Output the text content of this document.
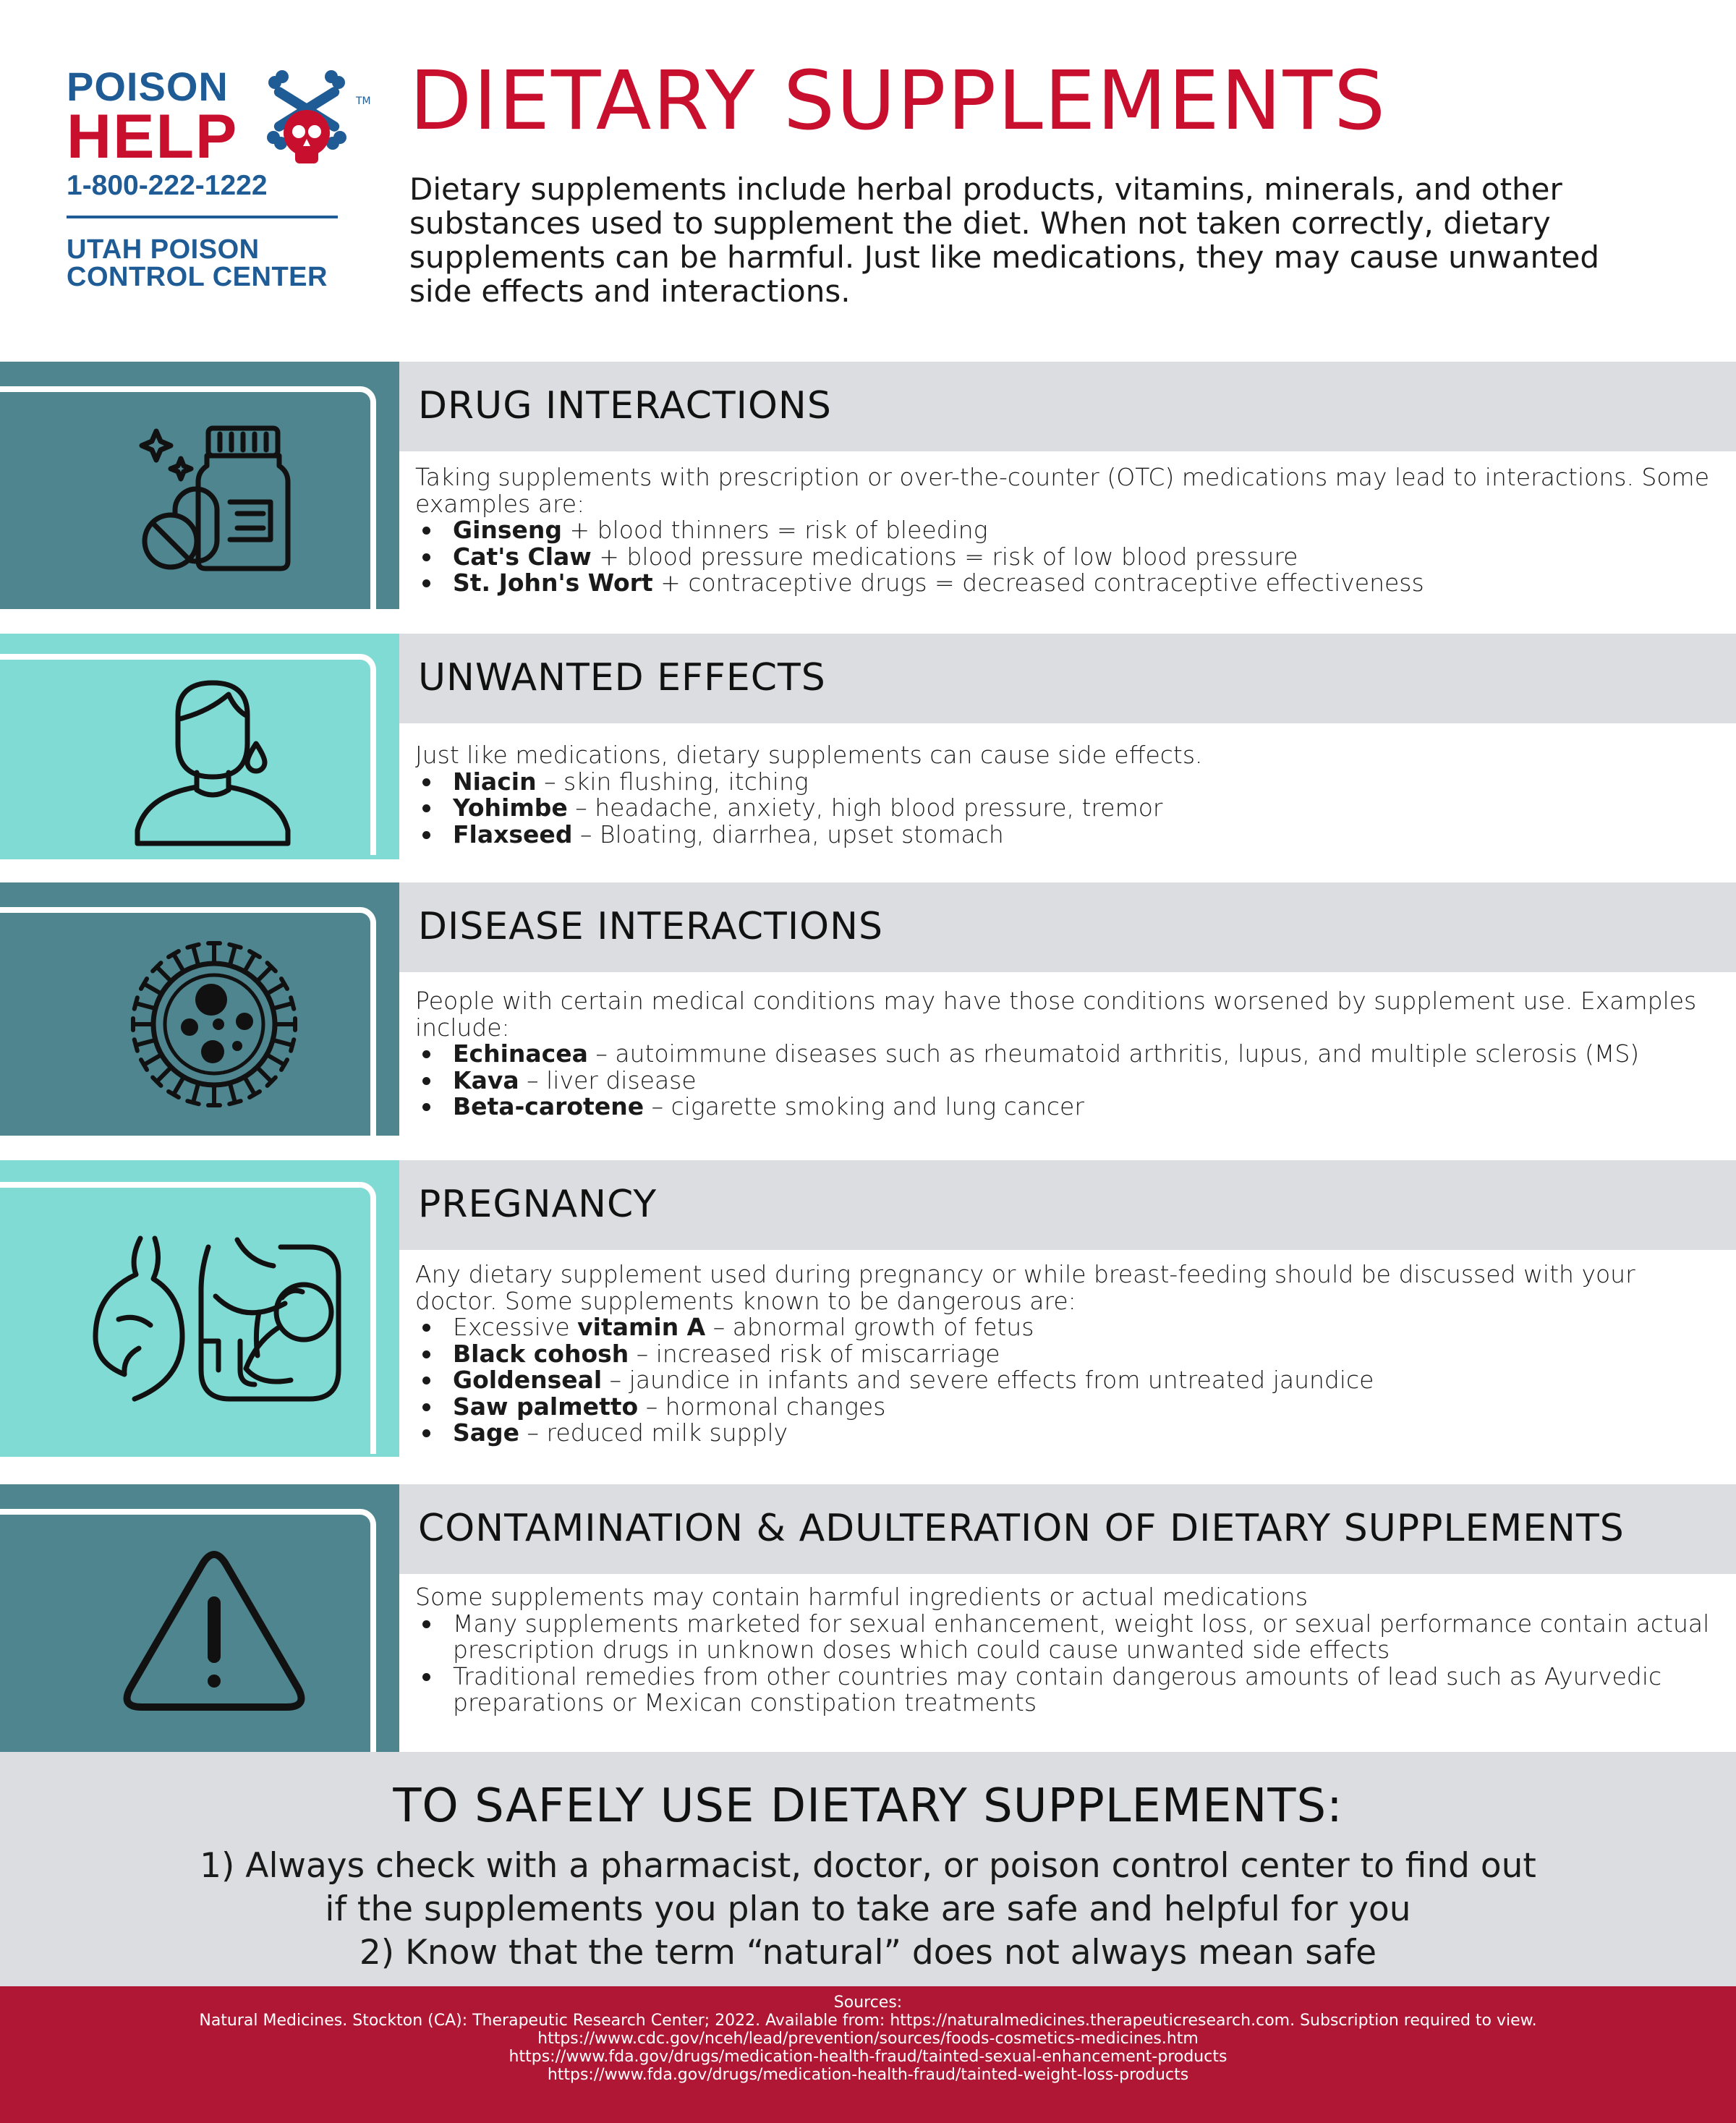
POISON
HELP
1-800-222-1222
UTAH POISON
CONTROL CENTER
TM DIETARY SUPPLEMENTS
Dietary supplements include herbal products, vitamins, minerals, and other substances used to supplement the diet. When not taken correctly, dietary supplements can be harmful. Just like medications, they may cause unwanted side effects and interactions.
DRUG INTERACTIONS

Taking supplements with prescription or over-the-counter (OTC) medications may lead to interactions. Some examples are:

Ginseng + blood thinners = risk of bleeding
Cat's Claw + blood pressure medications = risk of low blood pressure
St. John's Wort + contraceptive drugs = decreased contraceptive effectiveness
UNWANTED EFFECTS

Just like medications, dietary supplements can cause side effects.

Niacin – skin flushing, itching
Yohimbe – headache, anxiety, high blood pressure, tremor
Flaxseed – Bloating, diarrhea, upset stomach
DISEASE INTERACTIONS

People with certain medical conditions may have those conditions worsened by supplement use. Examples include:

Echinacea – autoimmune diseases such as rheumatoid arthritis, lupus, and multiple sclerosis (MS)
Kava – liver disease
Beta-carotene – cigarette smoking and lung cancer
PREGNANCY

Any dietary supplement used during pregnancy or while breast-feeding should be discussed with your doctor. Some supplements known to be dangerous are:

Excessive vitamin A – abnormal growth of fetus
Black cohosh – increased risk of miscarriage
Goldenseal – jaundice in infants and severe effects from untreated jaundice
Saw palmetto – hormonal changes
Sage – reduced milk supply
CONTAMINATION & ADULTERATION OF DIETARY SUPPLEMENTS

Some supplements may contain harmful ingredients or actual medications

Many supplements marketed for sexual enhancement, weight loss, or sexual performance contain actual prescription drugs in unknown doses which could cause unwanted side effects
Traditional remedies from other countries may contain dangerous amounts of lead such as Ayurvedic preparations or Mexican constipation treatments
TO SAFELY USE DIETARY SUPPLEMENTS:

1) Always check with a pharmacist, doctor, or poison control center to find out

if the supplements you plan to take are safe and helpful for you

2) Know that the term “natural” does not always mean safe

Sources:
Natural Medicines. Stockton (CA): Therapeutic Research Center; 2022. Available from: https://naturalmedicines.therapeuticresearch.com. Subscription required to view.
https://www.cdc.gov/nceh/lead/prevention/sources/foods-cosmetics-medicines.htm
https://www.fda.gov/drugs/medication-health-fraud/tainted-sexual-enhancement-products
https://www.fda.gov/drugs/medication-health-fraud/tainted-weight-loss-products
